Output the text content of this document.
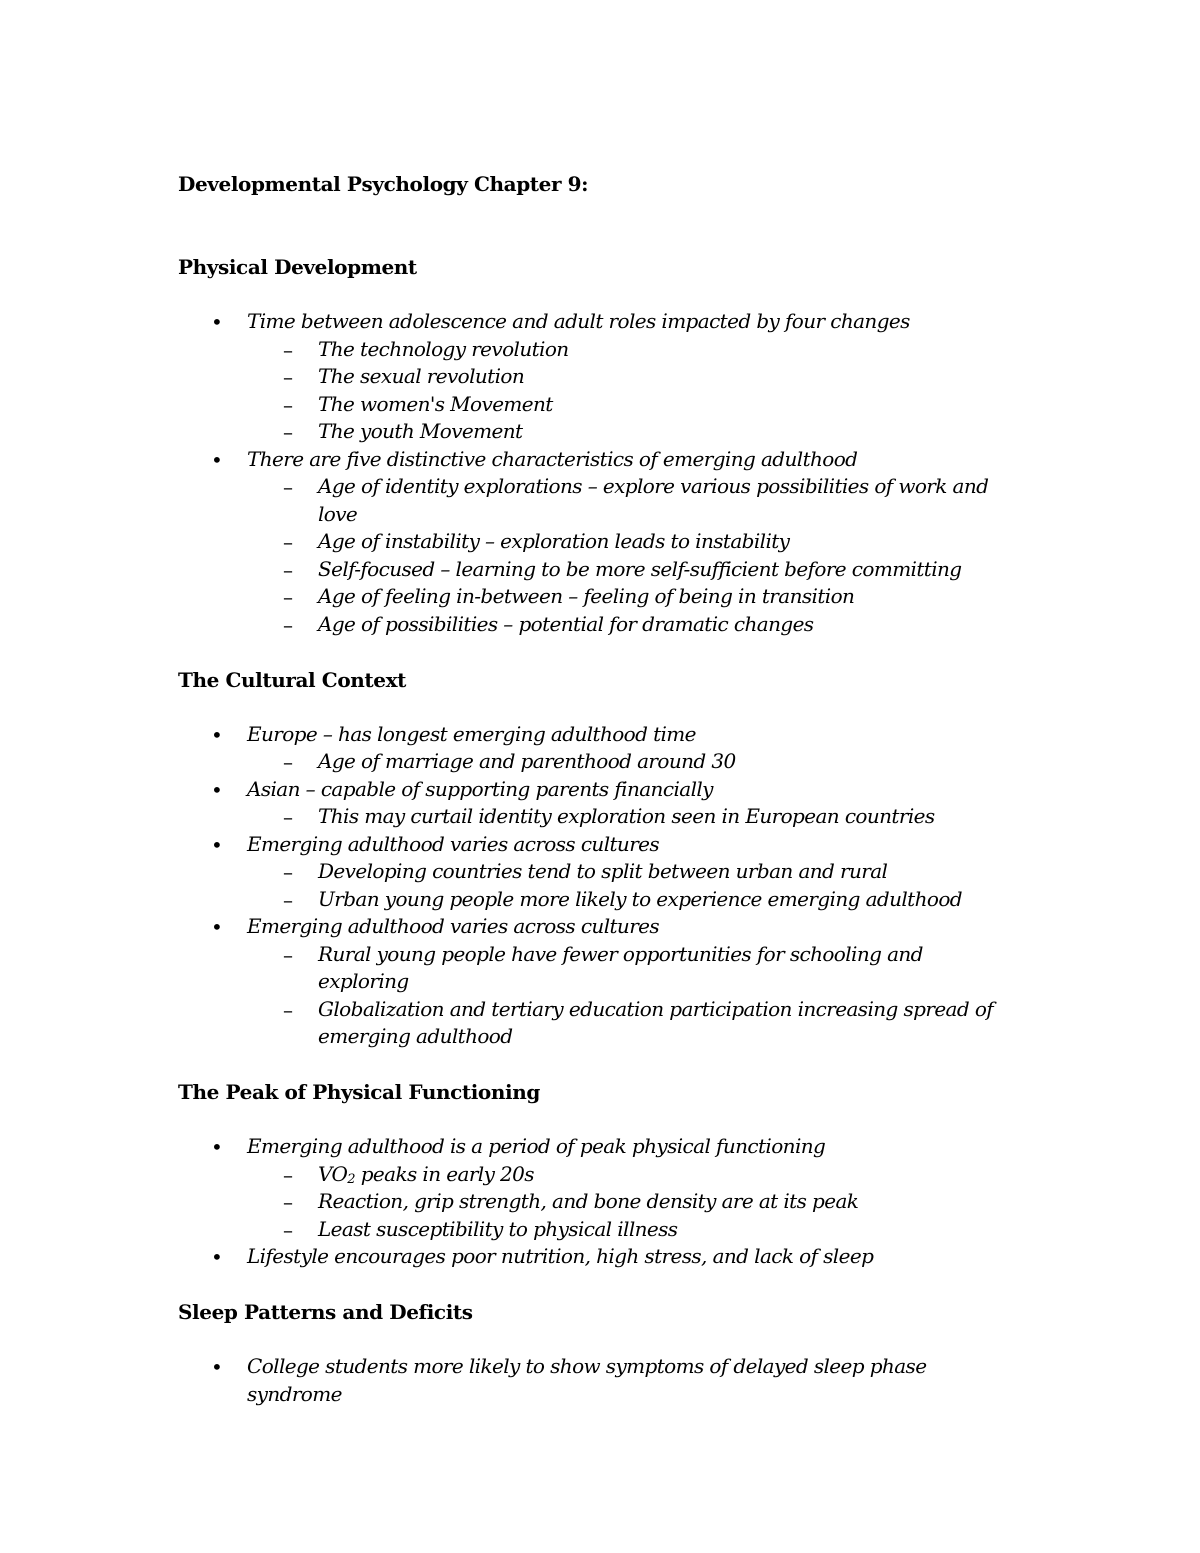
Developmental Psychology Chapter 9:
Physical Development
• Time between adolescence and adult roles impacted by four changes
– The technology revolution
– The sexual revolution
– The women's Movement
– The youth Movement
• There are five distinctive characteristics of emerging adulthood
– Age of identity explorations – explore various possibilities of work and
love
– Age of instability – exploration leads to instability
– Self-focused – learning to be more self-sufficient before committing
– Age of feeling in-between – feeling of being in transition
– Age of possibilities – potential for dramatic changes
The Cultural Context
• Europe – has longest emerging adulthood time
– Age of marriage and parenthood around 30
• Asian – capable of supporting parents financially
– This may curtail identity exploration seen in European countries
• Emerging adulthood varies across cultures
– Developing countries tend to split between urban and rural
– Urban young people more likely to experience emerging adulthood
• Emerging adulthood varies across cultures
– Rural young people have fewer opportunities for schooling and
exploring
– Globalization and tertiary education participation increasing spread of
emerging adulthood
The Peak of Physical Functioning
• Emerging adulthood is a period of peak physical functioning
– $VO_2$ peaks in early 20s
– Reaction, grip strength, and bone density are at its peak
– Least susceptibility to physical illness
• Lifestyle encourages poor nutrition, high stress, and lack of sleep
Sleep Patterns and Deficits
• College students more likely to show symptoms of delayed sleep phase
syndrome
